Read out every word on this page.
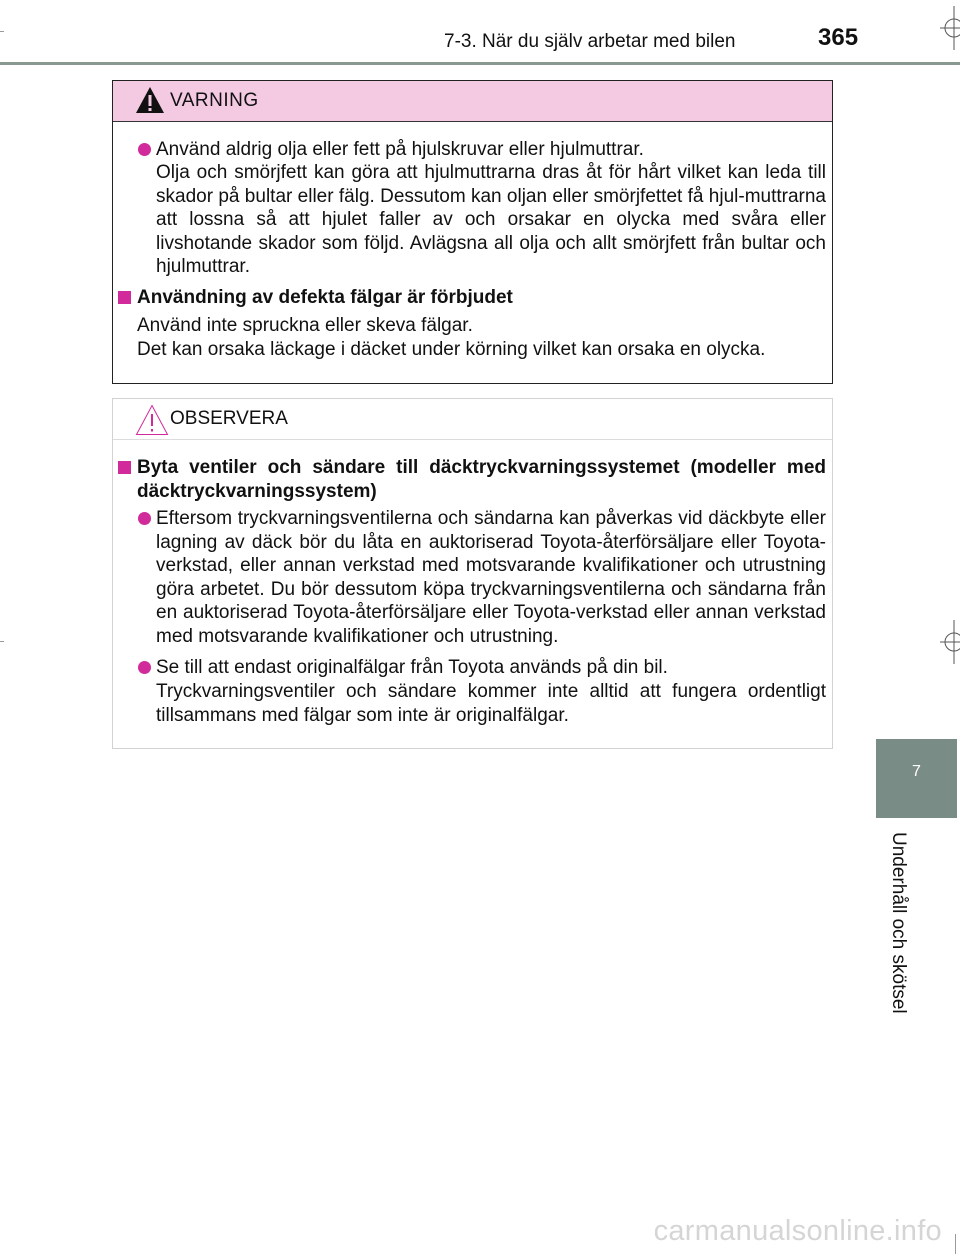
7-3. När du själv arbetar med bilen	365
VARNING
Använd aldrig olja eller fett på hjulskruvar eller hjulmuttrar.
Olja och smörjfett kan göra att hjulmuttrarna dras åt för hårt vilket kan leda till skador på bultar eller fälg. Dessutom kan oljan eller smörjfettet få hjul-muttrarna att lossna så att hjulet faller av och orsakar en olycka med svåra eller livshotande skador som följd. Avlägsna all olja och allt smörjfett från bultar och hjulmuttrar.
Användning av defekta fälgar är förbjudet
Använd inte spruckna eller skeva fälgar.
Det kan orsaka läckage i däcket under körning vilket kan orsaka en olycka.
OBSERVERA
Byta ventiler och sändare till däcktryckvarningssystemet (modeller med däcktryckvarningssystem)
Eftersom tryckvarningsventilerna och sändarna kan påverkas vid däckbyte eller lagning av däck bör du låta en auktoriserad Toyota-återförsäljare eller Toyota-verkstad, eller annan verkstad med motsvarande kvalifikationer och utrustning göra arbetet. Du bör dessutom köpa tryckvarningsventilerna och sändarna från en auktoriserad Toyota-återförsäljare eller Toyota-verkstad eller annan verkstad med motsvarande kvalifikationer och utrustning.
Se till att endast originalfälgar från Toyota används på din bil.
Tryckvarningsventiler och sändare kommer inte alltid att fungera ordentligt tillsammans med fälgar som inte är originalfälgar.
7
Underhåll och skötsel
carmanualsonline.info
